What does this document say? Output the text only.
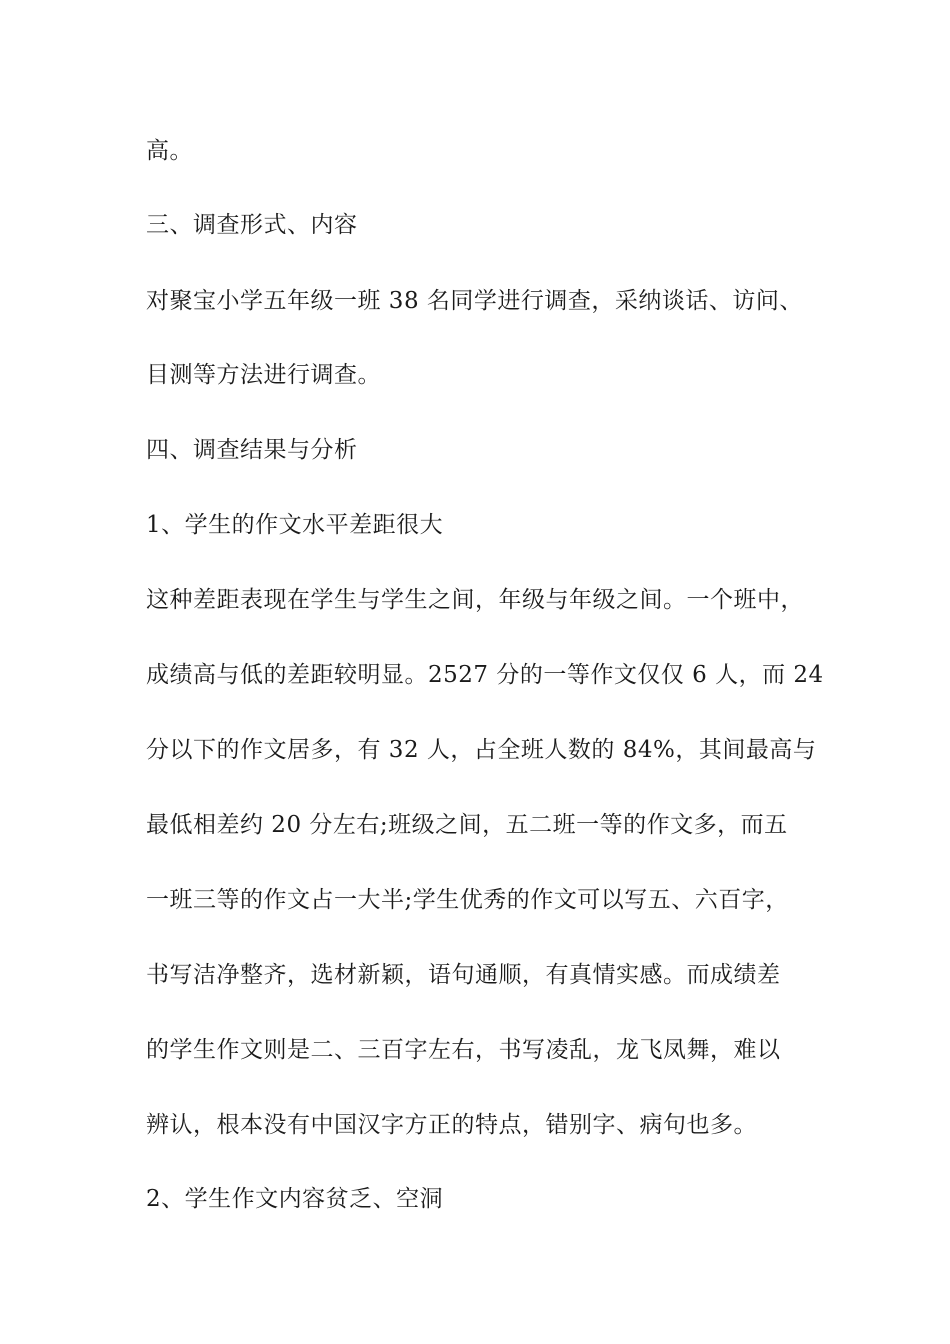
高。
三、调查形式、内容
对聚宝小学五年级一班 38 名同学进行调查，采纳谈话、访问、
目测等方法进行调查。
四、调查结果与分析
1、学生的作文水平差距很大
这种差距表现在学生与学生之间，年级与年级之间。一个班中，
成绩高与低的差距较明显。2527 分的一等作文仅仅 6 人，而 24
分以下的作文居多，有 32 人，占全班人数的 84%，其间最高与
最低相差约 20 分左右;班级之间，五二班一等的作文多，而五
一班三等的作文占一大半;学生优秀的作文可以写五、六百字，
书写洁净整齐，选材新颖，语句通顺，有真情实感。而成绩差
的学生作文则是二、三百字左右，书写凌乱，龙飞凤舞，难以
辨认，根本没有中国汉字方正的特点，错别字、病句也多。
2、学生作文内容贫乏、空洞
